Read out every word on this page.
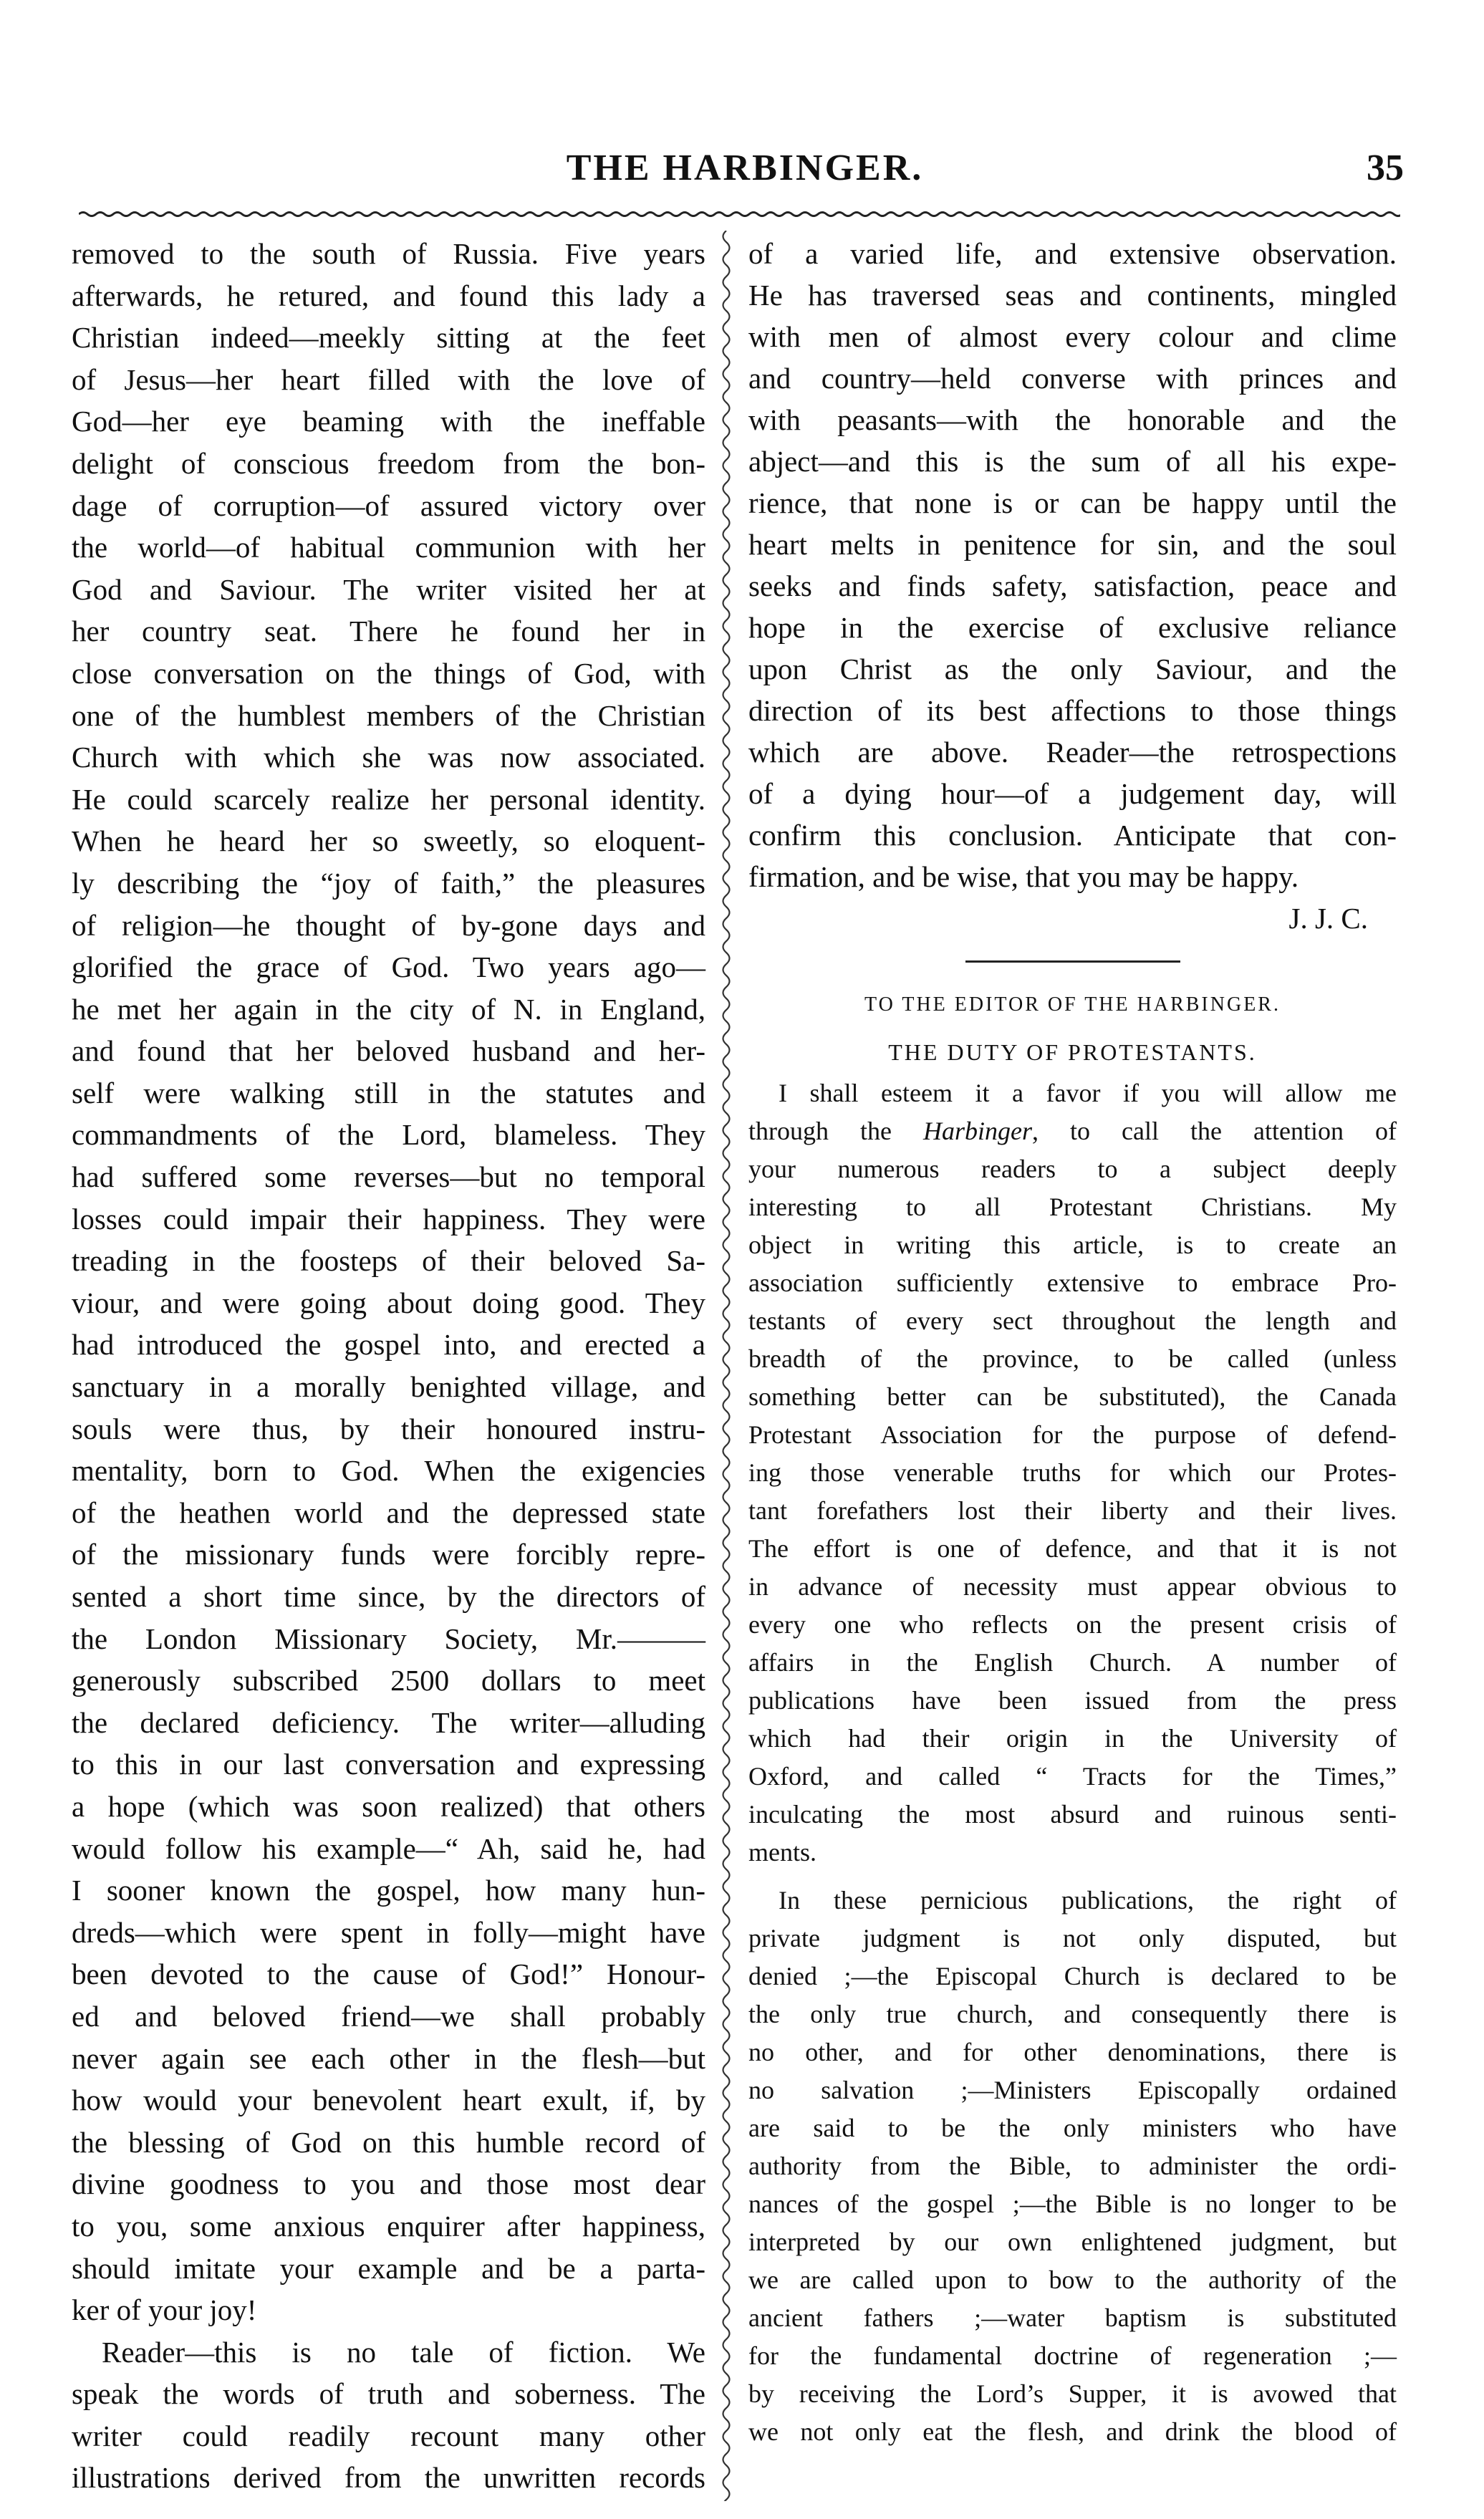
THE HARBINGER.	35
removed to the south of Russia. Five years
afterwards, he retured, and found this lady a
Christian indeed—meekly sitting at the feet
of Jesus—her heart filled with the love of
God—her eye beaming with the ineffable
delight of conscious freedom from the bon-
dage of corruption—of assured victory over
the world—of habitual communion with her
God and Saviour. The writer visited her at
her country seat. There he found her in
close conversation on the things of God, with
one of the humblest members of the Christian
Church with which she was now associated.
He could scarcely realize her personal identity.
When he heard her so sweetly, so eloquent-
ly describing the “joy of faith,” the pleasures
of religion—he thought of by-gone days and
glorified the grace of God. Two years ago—
he met her again in the city of N. in England,
and found that her beloved husband and her-
self were walking still in the statutes and
commandments of the Lord, blameless. They
had suffered some reverses—but no temporal
losses could impair their happiness. They were
treading in the foosteps of their beloved Sa-
viour, and were going about doing good. They
had introduced the gospel into, and erected a
sanctuary in a morally benighted village, and
souls were thus, by their honoured instru-
mentality, born to God. When the exigencies
of the heathen world and the depressed state
of the missionary funds were forcibly repre-
sented a short time since, by the directors of
the London Missionary Society, Mr.———
generously subscribed 2500 dollars to meet
the declared deficiency. The writer—alluding
to this in our last conversation and expressing
a hope (which was soon realized) that others
would follow his example—“ Ah, said he, had
I sooner known the gospel, how many hun-
dreds—which were spent in folly—might have
been devoted to the cause of God!” Honour-
ed and beloved friend—we shall probably
never again see each other in the flesh—but
how would your benevolent heart exult, if, by
the blessing of God on this humble record of
divine goodness to you and those most dear
to you, some anxious enquirer after happiness,
should imitate your example and be a parta-
ker of your joy!
Reader—this is no tale of fiction. We
speak the words of truth and soberness. The
writer could readily recount many other
illustrations derived from the unwritten records
of a varied life, and extensive observation.
He has traversed seas and continents, mingled
with men of almost every colour and clime
and country—held converse with princes and
with peasants—with the honorable and the
abject—and this is the sum of all his expe-
rience, that none is or can be happy until the
heart melts in penitence for sin, and the soul
seeks and finds safety, satisfaction, peace and
hope in the exercise of exclusive reliance
upon Christ as the only Saviour, and the
direction of its best affections to those things
which are above. Reader—the retrospections
of a dying hour—of a judgement day, will
confirm this conclusion. Anticipate that con-
firmation, and be wise, that you may be happy.
J. J. C.
TO THE EDITOR OF THE HARBINGER.
THE DUTY OF PROTESTANTS.
I shall esteem it a favor if you will allow me
through the Harbinger, to call the attention of
your numerous readers to a subject deeply
interesting to all Protestant Christians. My
object in writing this article, is to create an
association sufficiently extensive to embrace Pro-
testants of every sect throughout the length and
breadth of the province, to be called (unless
something better can be substituted), the Canada
Protestant Association for the purpose of defend-
ing those venerable truths for which our Protes-
tant forefathers lost their liberty and their lives.
The effort is one of defence, and that it is not
in advance of necessity must appear obvious to
every one who reflects on the present crisis of
affairs in the English Church. A number of
publications have been issued from the press
which had their origin in the University of
Oxford, and called “ Tracts for the Times,”
inculcating the most absurd and ruinous senti-
ments.
In these pernicious publications, the right of
private judgment is not only disputed, but
denied ;—the Episcopal Church is declared to be
the only true church, and consequently there is
no other, and for other denominations, there is
no salvation ;—Ministers Episcopally ordained
are said to be the only ministers who have
authority from the Bible, to administer the ordi-
nances of the gospel ;—the Bible is no longer to be
interpreted by our own enlightened judgment, but
we are called upon to bow to the authority of the
ancient fathers ;—water baptism is substituted
for the fundamental doctrine of regeneration ;—
by receiving the Lord’s Supper, it is avowed that
we not only eat the flesh, and drink the blood of
